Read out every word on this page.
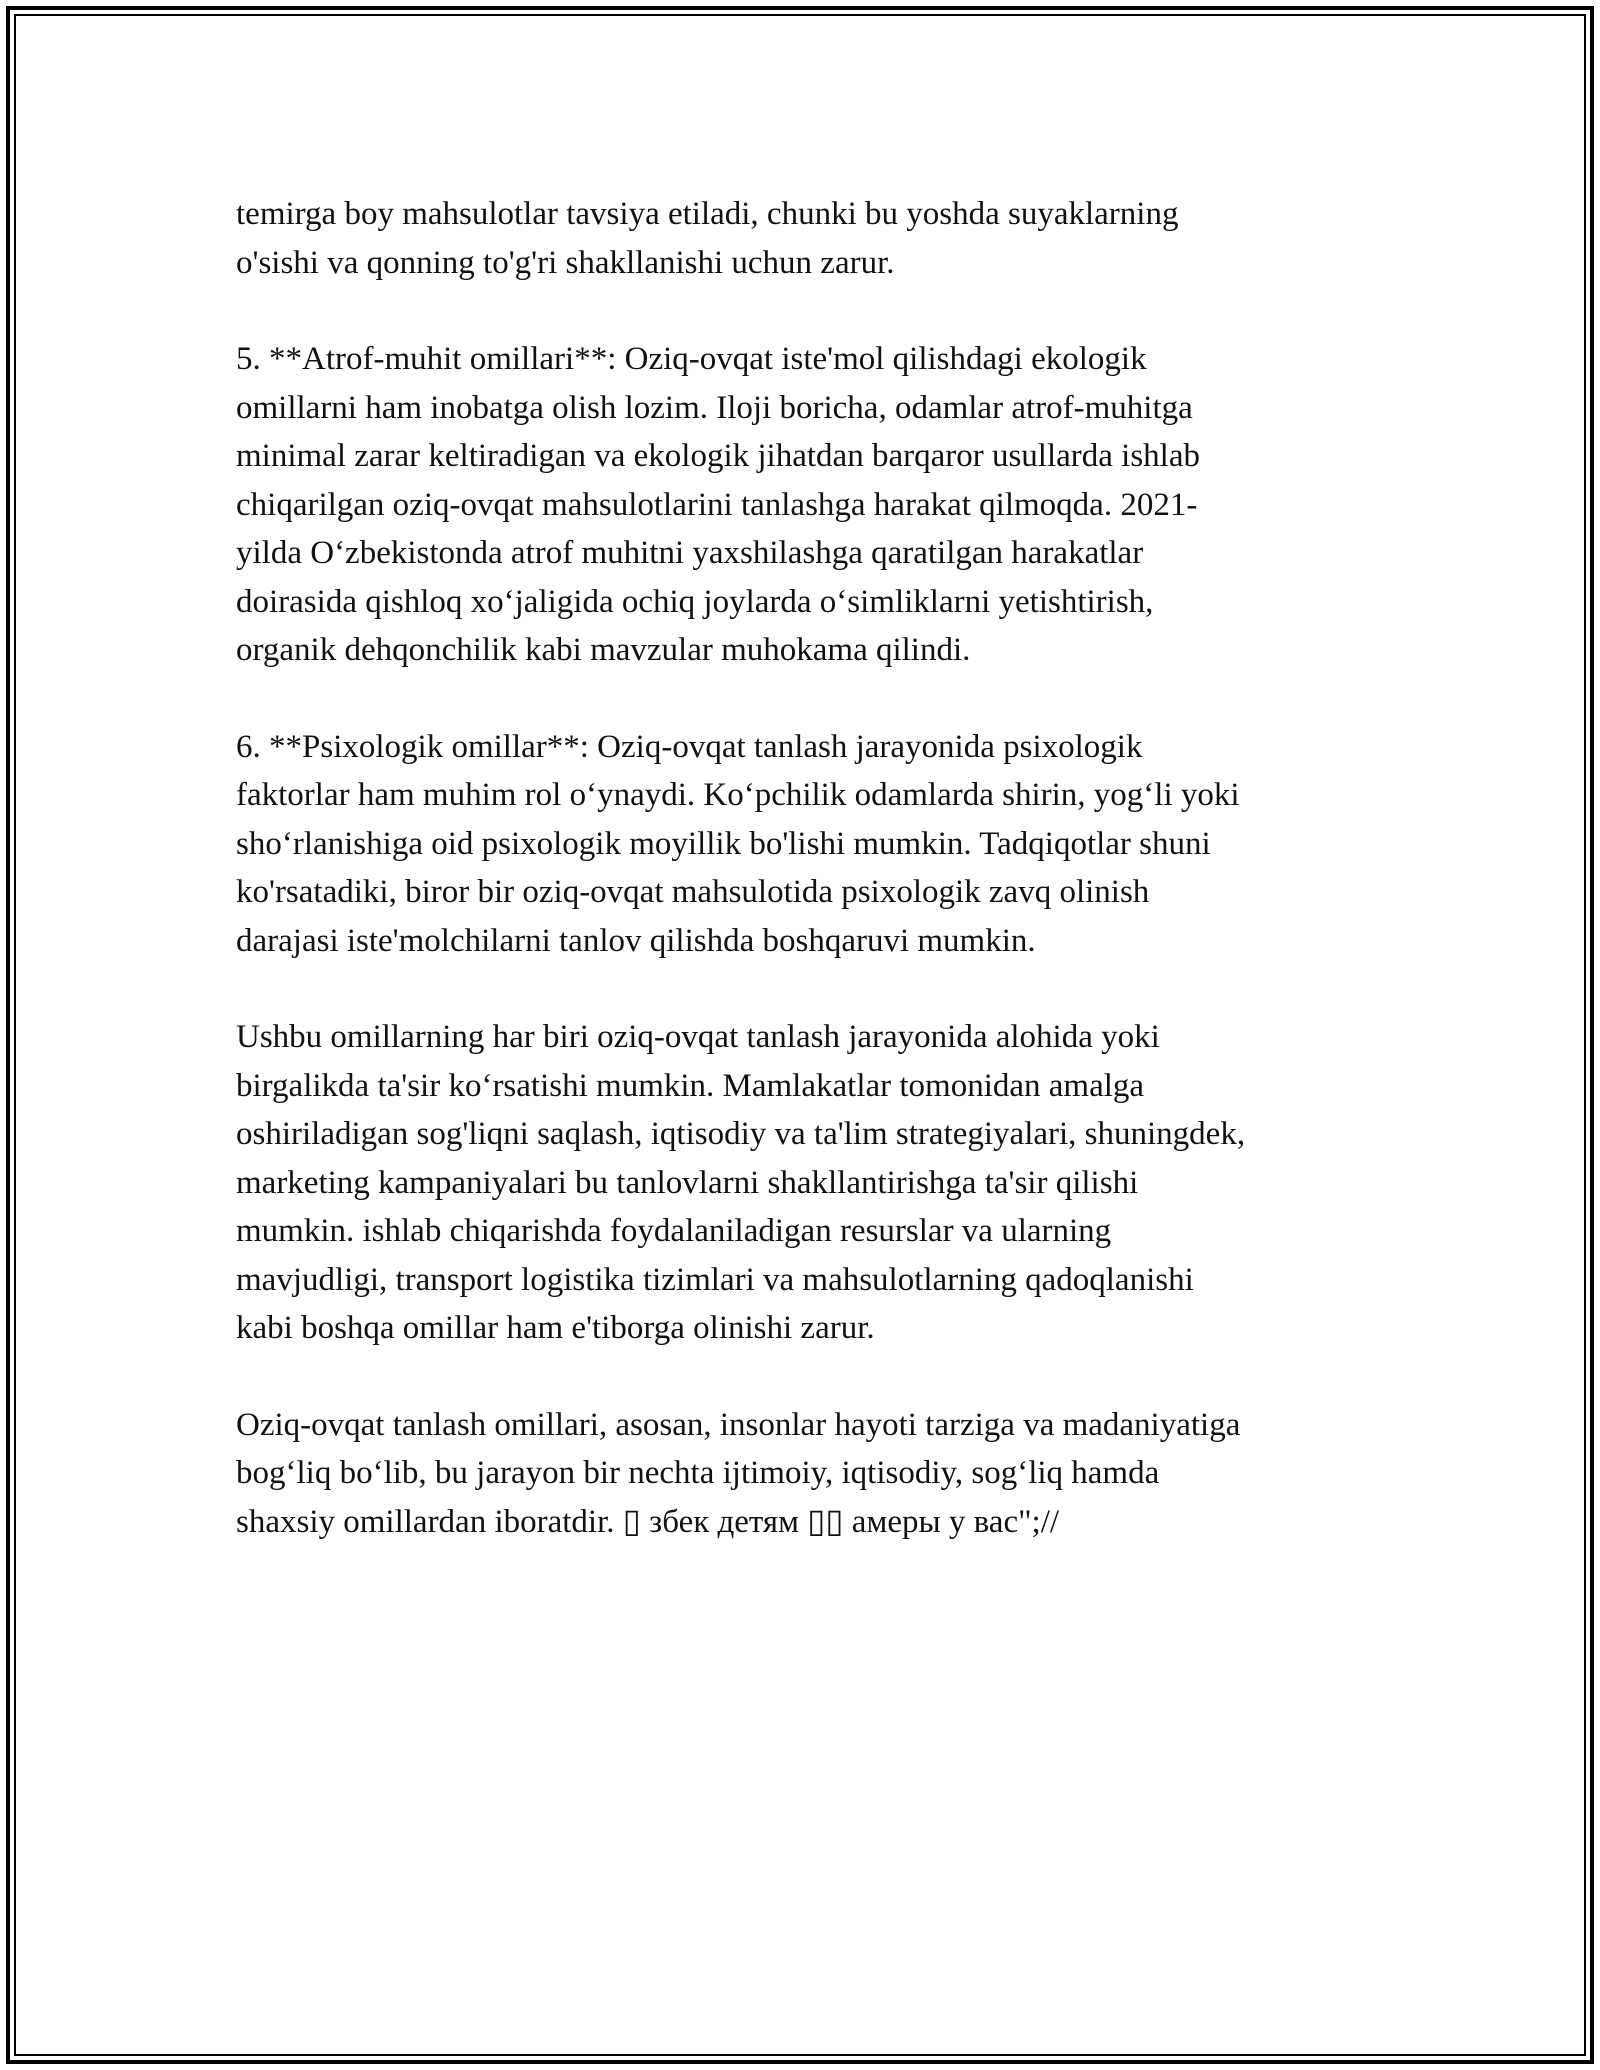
temirga boy mahsulotlar tavsiya etiladi, chunki bu yoshda suyaklarning
o'sishi va qonning to'g'ri shakllanishi uchun zarur.

5. **Atrof-muhit omillari**: Oziq-ovqat iste'mol qilishdagi ekologik
omillarni ham inobatga olish lozim. Iloji boricha, odamlar atrof-muhitga
minimal zarar keltiradigan va ekologik jihatdan barqaror usullarda ishlab
chiqarilgan oziq-ovqat mahsulotlarini tanlashga harakat qilmoqda. 2021-
yilda O‘zbekistonda atrof muhitni yaxshilashga qaratilgan harakatlar
doirasida qishloq xo‘jaligida ochiq joylarda o‘simliklarni yetishtirish,
organik dehqonchilik kabi mavzular muhokama qilindi.

6. **Psixologik omillar**: Oziq-ovqat tanlash jarayonida psixologik
faktorlar ham muhim rol o‘ynaydi. Ko‘pchilik odamlarda shirin, yog‘li yoki
sho‘rlanishiga oid psixologik moyillik bo'lishi mumkin. Tadqiqotlar shuni
ko'rsatadiki, biror bir oziq-ovqat mahsulotida psixologik zavq olinish
darajasi iste'molchilarni tanlov qilishda boshqaruvi mumkin.

Ushbu omillarning har biri oziq-ovqat tanlash jarayonida alohida yoki
birgalikda ta'sir ko‘rsatishi mumkin. Mamlakatlar tomonidan amalga
oshiriladigan sog'liqni saqlash, iqtisodiy va ta'lim strategiyalari, shuningdek,
marketing kampaniyalari bu tanlovlarni shakllantirishga ta'sir qilishi
mumkin. ishlab chiqarishda foydalaniladigan resurslar va ularning
mavjudligi, transport logistika tizimlari va mahsulotlarning qadoqlanishi
kabi boshqa omillar ham e'tiborga olinishi zarur.

Oziq-ovqat tanlash omillari, asosan, insonlar hayoti tarziga va madaniyatiga
bog‘liq bo‘lib, bu jarayon bir nechta ijtimoiy, iqtisodiy, sog‘liq hamda
shaxsiy omillardan iboratdir. ▯ збек детям ▯▯ амеры у вас";//
